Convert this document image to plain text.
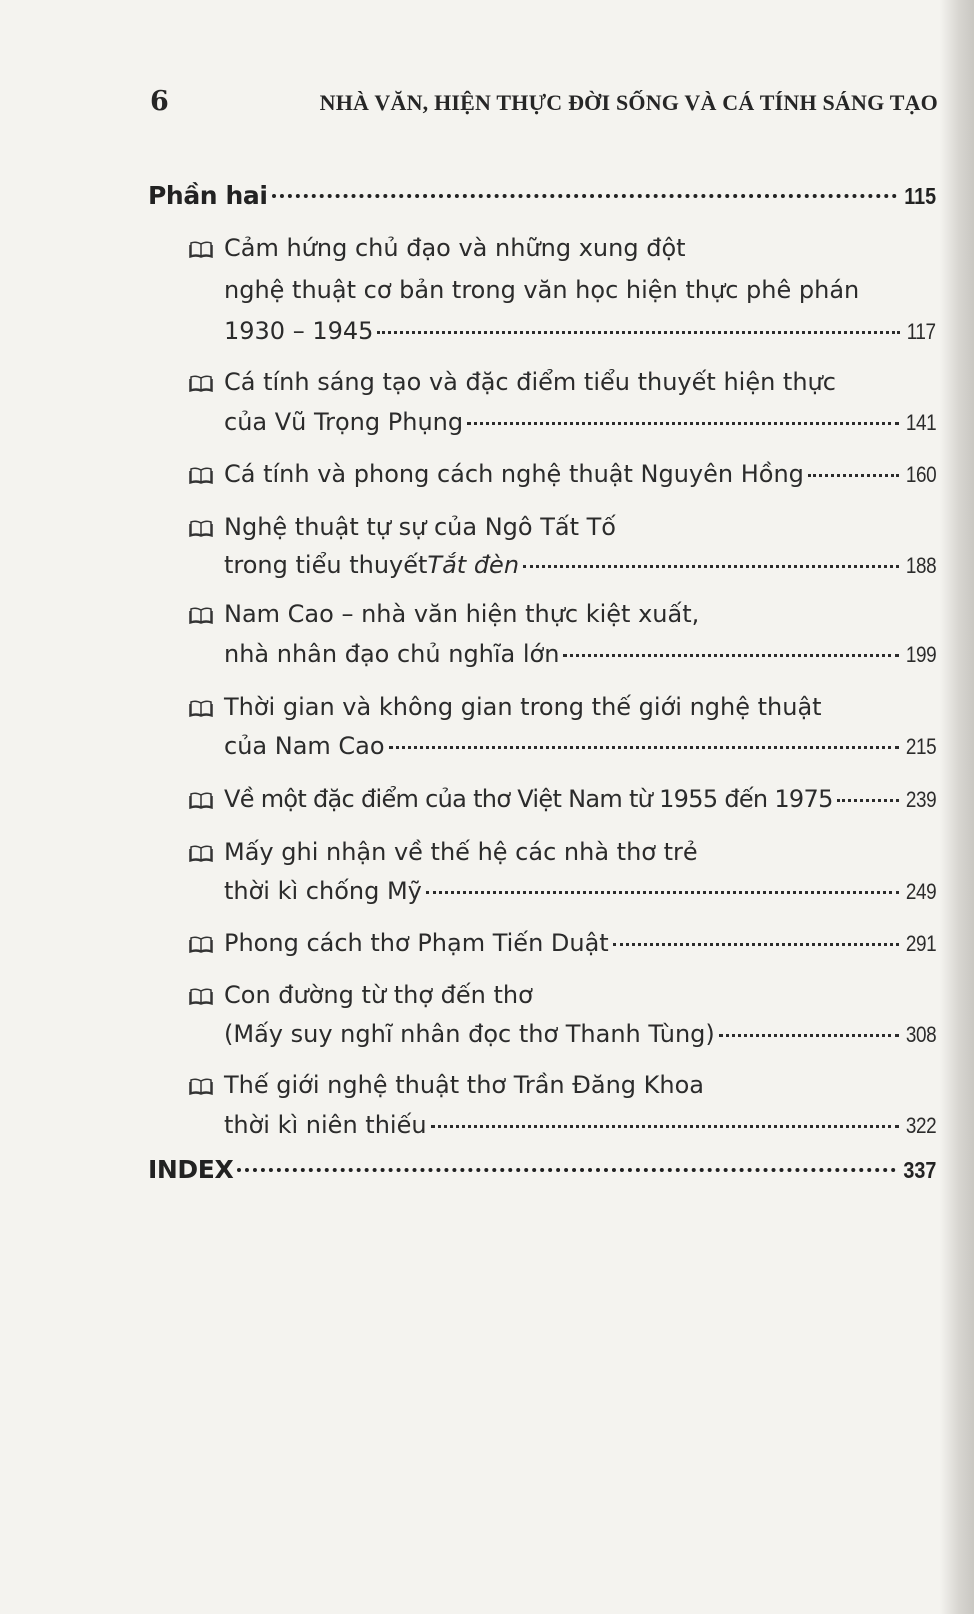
6	NHÀ VĂN, HIỆN THỰC ĐỜI SỐNG VÀ CÁ TÍNH SÁNG TẠO
Phần hai	115
Cảm hứng chủ đạo và những xung đột
nghệ thuật cơ bản trong văn học hiện thực phê phán
1930 – 1945	117
Cá tính sáng tạo và đặc điểm tiểu thuyết hiện thực
của Vũ Trọng Phụng	141
Cá tính và phong cách nghệ thuật Nguyên Hồng	160
Nghệ thuật tự sự của Ngô Tất Tố
trong tiểu thuyết Tắt đèn	188
Nam Cao – nhà văn hiện thực kiệt xuất,
nhà nhân đạo chủ nghĩa lớn	199
Thời gian và không gian trong thế giới nghệ thuật
của Nam Cao	215
Về một đặc điểm của thơ Việt Nam từ 1955 đến 1975	239
Mấy ghi nhận về thế hệ các nhà thơ trẻ
thời kì chống Mỹ	249
Phong cách thơ Phạm Tiến Duật	291
Con đường từ thợ đến thơ
(Mấy suy nghĩ nhân đọc thơ Thanh Tùng)	308
Thế giới nghệ thuật thơ Trần Đăng Khoa
thời kì niên thiếu	322
INDEX	337
